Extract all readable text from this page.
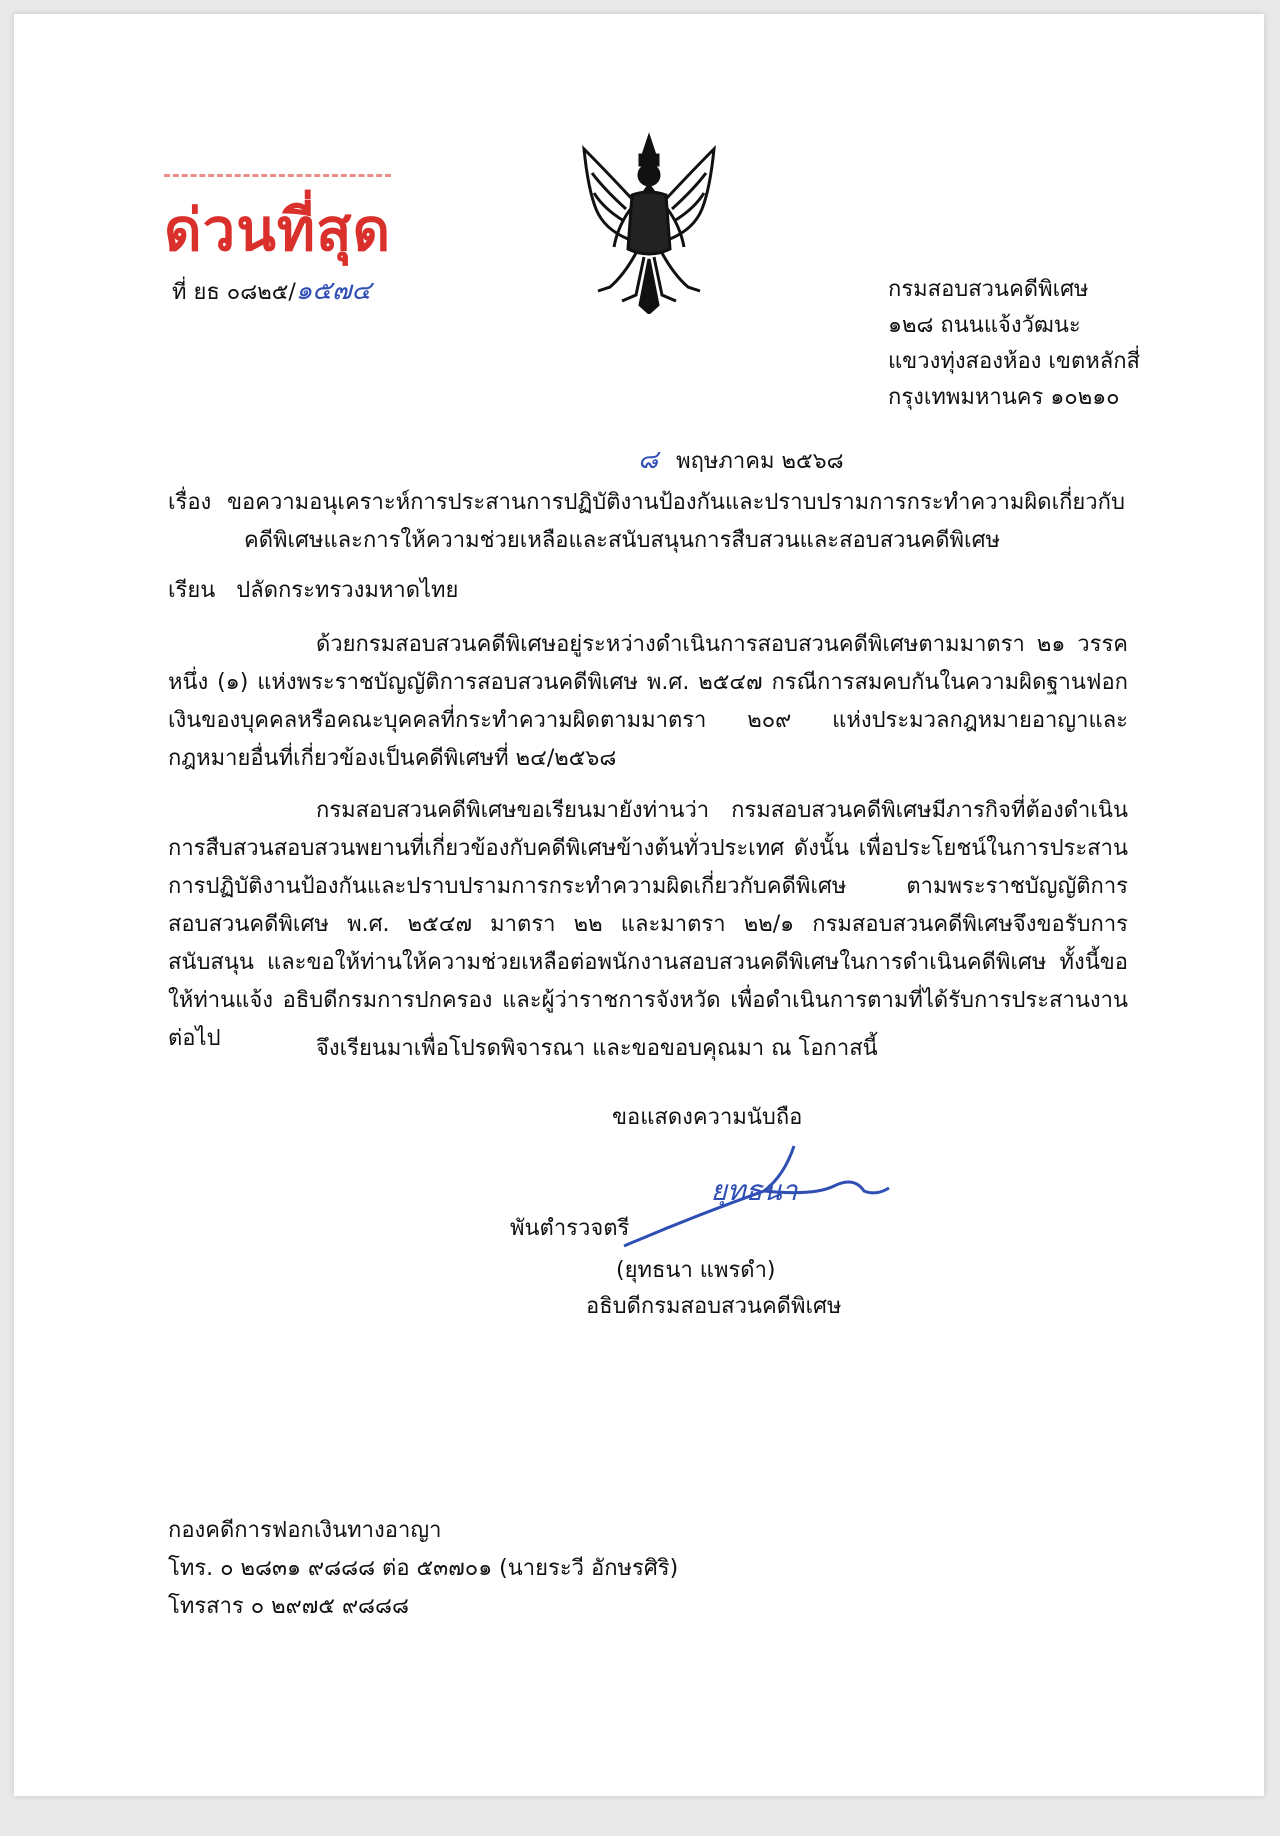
ด่วนที่สุด
ที่ ยธ ๐๘๒๕/๑๕๗๔	กรมสอบสวนคดีพิเศษ
๑๒๘ ถนนแจ้งวัฒนะ
แขวงทุ่งสองห้อง เขตหลักสี่
กรุงเทพมหานคร ๑๐๒๑๐
๘ พฤษภาคม ๒๕๖๘
เรื่อง ขอความอนุเคราะห์การประสานการปฏิบัติงานป้องกันและปราบปรามการกระทำความผิดเกี่ยวกับ
คดีพิเศษและการให้ความช่วยเหลือและสนับสนุนการสืบสวนและสอบสวนคดีพิเศษ
เรียน ปลัดกระทรวงมหาดไทย
ด้วยกรมสอบสวนคดีพิเศษอยู่ระหว่างดำเนินการสอบสวนคดีพิเศษตามมาตรา ๒๑ วรรคหนึ่ง (๑) แห่งพระราชบัญญัติการสอบสวนคดีพิเศษ พ.ศ. ๒๕๔๗ กรณีการสมคบกันในความผิดฐานฟอกเงินของบุคคลหรือคณะบุคคลที่กระทำความผิดตามมาตรา ๒๐๙ แห่งประมวลกฎหมายอาญาและกฎหมายอื่นที่เกี่ยวข้องเป็นคดีพิเศษที่ ๒๔/๒๕๖๘
กรมสอบสวนคดีพิเศษขอเรียนมายังท่านว่า กรมสอบสวนคดีพิเศษมีภารกิจที่ต้องดำเนินการสืบสวนสอบสวนพยานที่เกี่ยวข้องกับคดีพิเศษข้างต้นทั่วประเทศ ดังนั้น เพื่อประโยชน์ในการประสานการปฏิบัติงานป้องกันและปราบปรามการกระทำความผิดเกี่ยวกับคดีพิเศษ ตามพระราชบัญญัติการสอบสวนคดีพิเศษ พ.ศ. ๒๕๔๗ มาตรา ๒๒ และมาตรา ๒๒/๑ กรมสอบสวนคดีพิเศษจึงขอรับการสนับสนุน และขอให้ท่านให้ความช่วยเหลือต่อพนักงานสอบสวนคดีพิเศษในการดำเนินคดีพิเศษ ทั้งนี้ขอให้ท่านแจ้ง อธิบดีกรมการปกครอง และผู้ว่าราชการจังหวัด เพื่อดำเนินการตามที่ได้รับการประสานงานต่อไป	จึงเรียนมาเพื่อโปรดพิจารณา และขอขอบคุณมา ณ โอกาสนี้
ขอแสดงความนับถือ
ยุทธนา
พันตำรวจตรี
(ยุทธนา แพรดำ)
อธิบดีกรมสอบสวนคดีพิเศษ
กองคดีการฟอกเงินทางอาญา
โทร. ๐ ๒๘๓๑ ๙๘๘๘ ต่อ ๕๓๗๐๑ (นายระวี อักษรศิริ)
โทรสาร ๐ ๒๙๗๕ ๙๘๘๘
